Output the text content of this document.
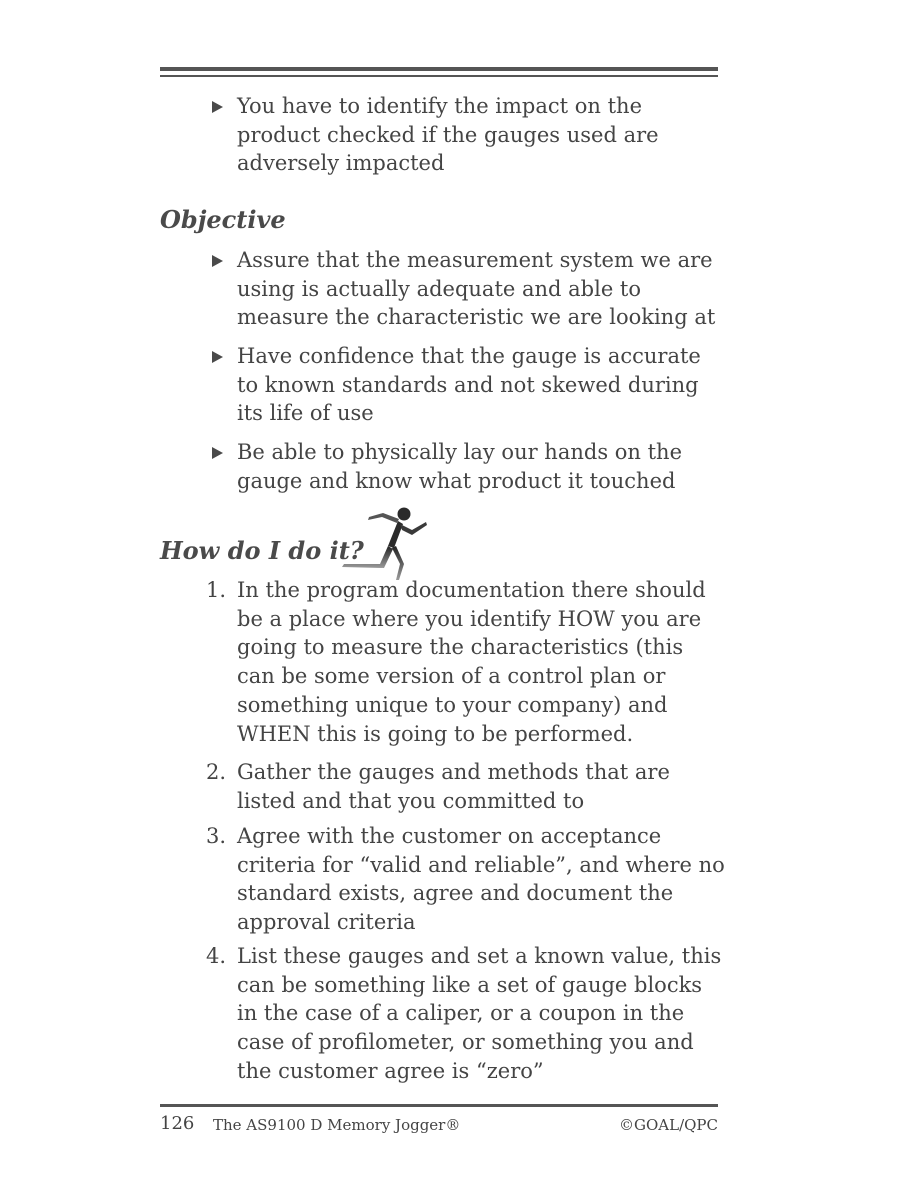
You have to identify the impact on the product checked if the gauges used are adversely impacted
Objective
Assure that the measurement system we are using is actually adequate and able to measure the characteristic we are looking at
Have confidence that the gauge is accurate to known standards and not skewed during its life of use
Be able to physically lay our hands on the gauge and know what product it touched
How do I do it?
1. In the program documentation there should be a place where you identify HOW you are going to measure the characteristics (this can be some version of a control plan or something unique to your company) and WHEN this is going to be performed.
2. Gather the gauges and methods that are listed and that you committed to
3. Agree with the customer on acceptance criteria for “valid and reliable”, and where no standard exists, agree and document the approval criteria
4. List these gauges and set a known value, this can be something like a set of gauge blocks in the case of a caliper, or a coupon in the case of profilometer, or something you and the customer agree is “zero”
126 The AS9100 D Memory Jogger®	©GOAL/QPC
